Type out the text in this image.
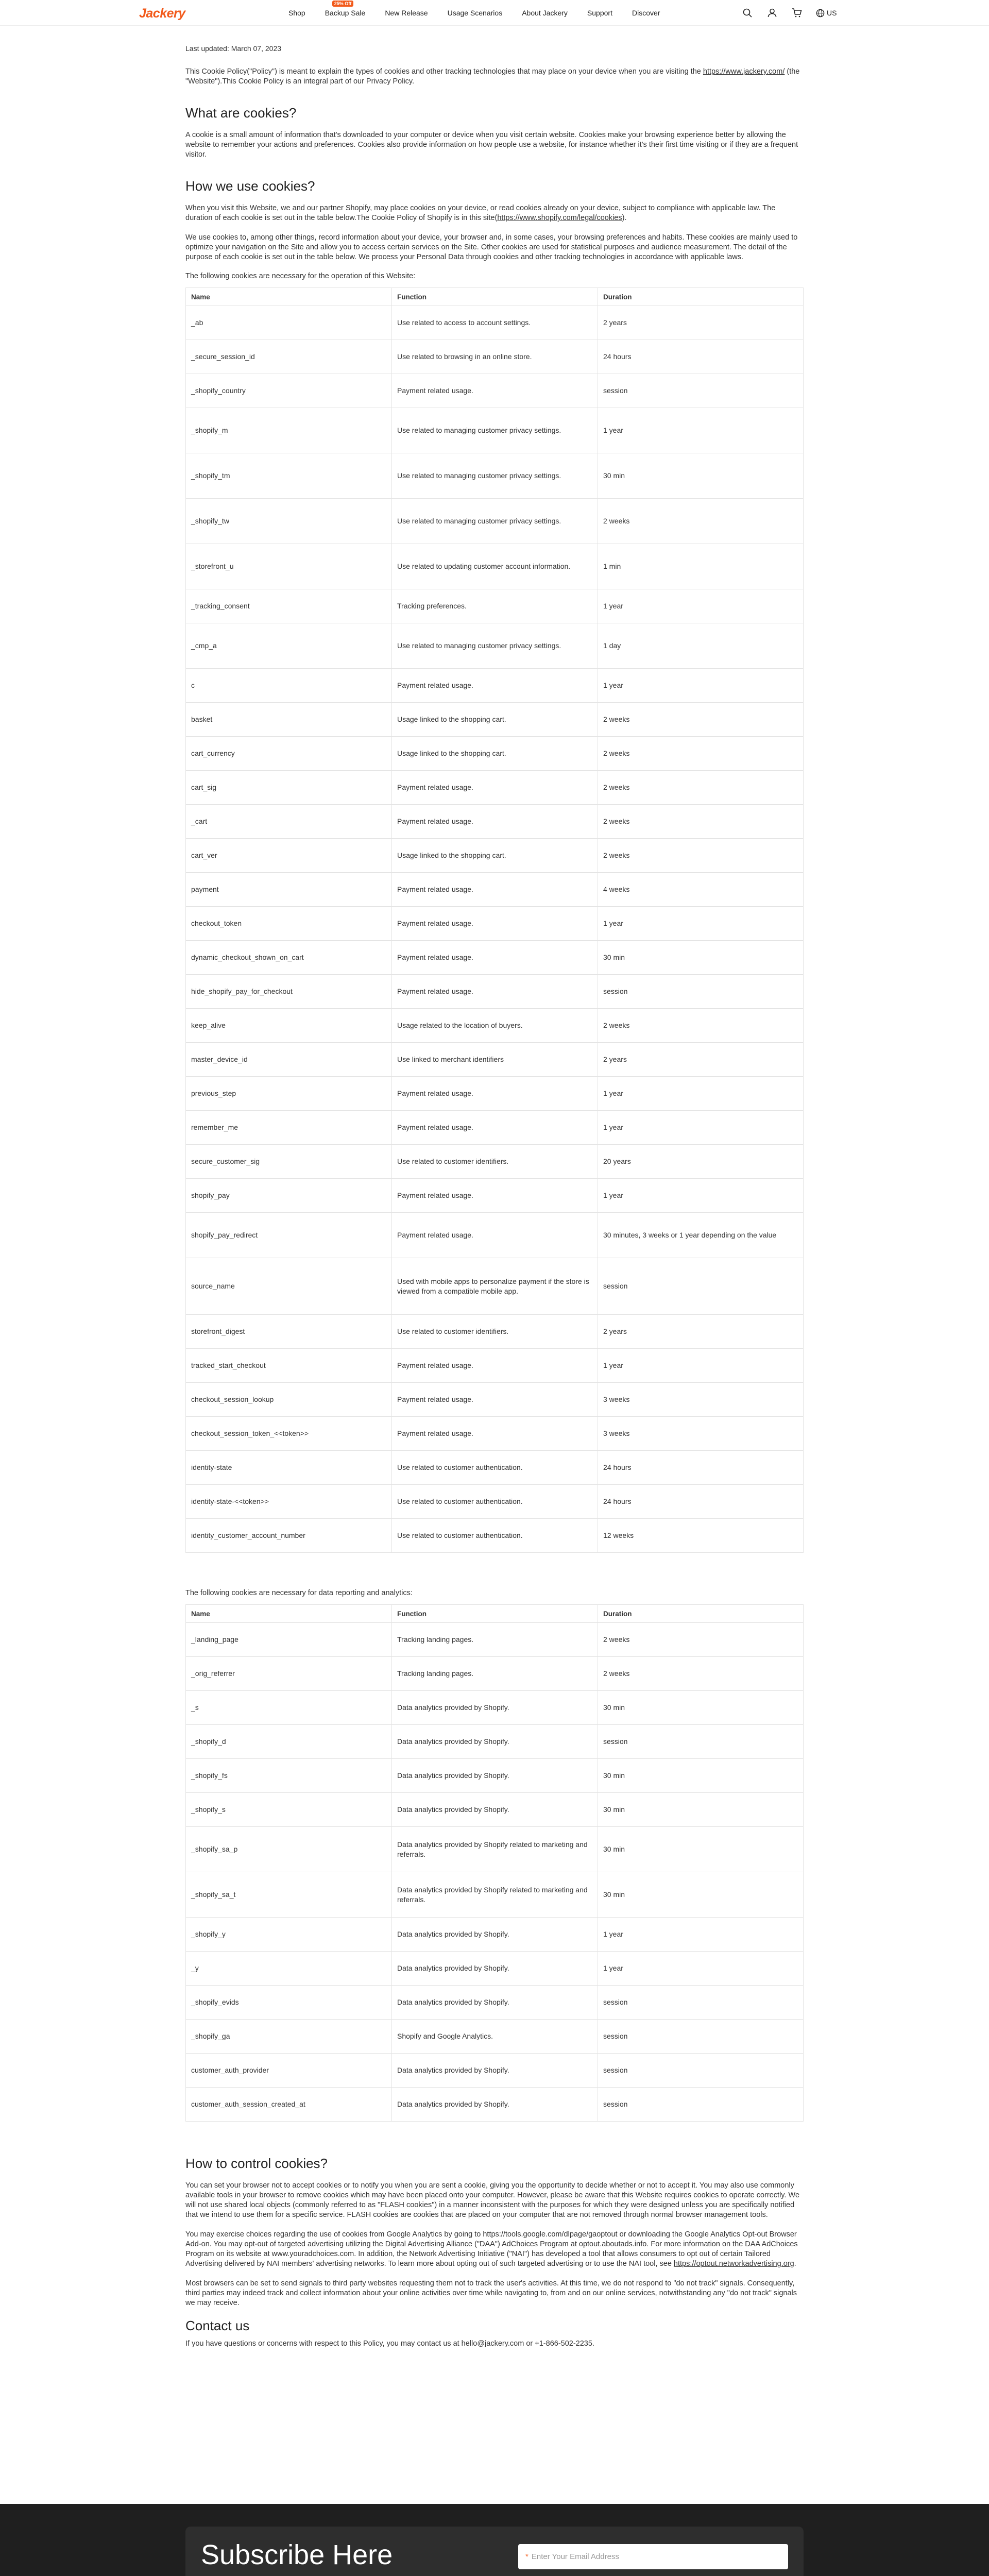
Jackery	Shop
25% Off
Backup Sale	New Release	Usage Scenarios	About Jackery	Support	Discover	US
Last updated: March 07, 2023

This Cookie Policy("Policy") is meant to explain the types of cookies and other tracking technologies that may place on your device when you are visiting the https://www.jackery.com/ (the "Website").This Cookie Policy is an integral part of our Privacy Policy.

What are cookies?

A cookie is a small amount of information that's downloaded to your computer or device when you visit certain website. Cookies make your browsing experience better by allowing the website to remember your actions and preferences. Cookies also provide information on how people use a website, for instance whether it's their first time visiting or if they are a frequent visitor.

How we use cookies?

When you visit this Website, we and our partner Shopify, may place cookies on your device, or read cookies already on your device, subject to compliance with applicable law. The duration of each cookie is set out in the table below.The Cookie Policy of Shopify is in this site(https://www.shopify.com/legal/cookies).

We use cookies to, among other things, record information about your device, your browser and, in some cases, your browsing preferences and habits. These cookies are mainly used to optimize your navigation on the Site and allow you to access certain services on the Site. Other cookies are used for statistical purposes and audience measurement. The detail of the purpose of each cookie is set out in the table below. We process your Personal Data through cookies and other tracking technologies in accordance with applicable laws.

The following cookies are necessary for the operation of this Website:
Name	Function	Duration
_ab	Use related to access to account settings.	2 years
_secure_session_id	Use related to browsing in an online store.	24 hours
_shopify_country	Payment related usage.	session
_shopify_m	Use related to managing customer privacy settings.	1 year
_shopify_tm	Use related to managing customer privacy settings.	30 min
_shopify_tw	Use related to managing customer privacy settings.	2 weeks
_storefront_u	Use related to updating customer account information.	1 min
_tracking_consent	Tracking preferences.	1 year
_cmp_a	Use related to managing customer privacy settings.	1 day
c	Payment related usage.	1 year
basket	Usage linked to the shopping cart.	2 weeks
cart_currency	Usage linked to the shopping cart.	2 weeks
cart_sig	Payment related usage.	2 weeks
_cart	Payment related usage.	2 weeks
cart_ver	Usage linked to the shopping cart.	2 weeks
payment	Payment related usage.	4 weeks
checkout_token	Payment related usage.	1 year
dynamic_checkout_shown_on_cart	Payment related usage.	30 min
hide_shopify_pay_for_checkout	Payment related usage.	session
keep_alive	Usage related to the location of buyers.	2 weeks
master_device_id	Use linked to merchant identifiers	2 years
previous_step	Payment related usage.	1 year
remember_me	Payment related usage.	1 year
secure_customer_sig	Use related to customer identifiers.	20 years
shopify_pay	Payment related usage.	1 year
shopify_pay_redirect	Payment related usage.	30 minutes, 3 weeks or 1 year depending on the value
source_name	Used with mobile apps to personalize payment if the store is viewed from a compatible mobile app.	session
storefront_digest	Use related to customer identifiers.	2 years
tracked_start_checkout	Payment related usage.	1 year
checkout_session_lookup	Payment related usage.	3 weeks
checkout_session_token_<<token>>	Payment related usage.	3 weeks
identity-state	Use related to customer authentication.	24 hours
identity-state-<<token>>	Use related to customer authentication.	24 hours
identity_customer_account_number	Use related to customer authentication.	12 weeks
The following cookies are necessary for data reporting and analytics:
Name	Function	Duration
_landing_page	Tracking landing pages.	2 weeks
_orig_referrer	Tracking landing pages.	2 weeks
_s	Data analytics provided by Shopify.	30 min
_shopify_d	Data analytics provided by Shopify.	session
_shopify_fs	Data analytics provided by Shopify.	30 min
_shopify_s	Data analytics provided by Shopify.	30 min
_shopify_sa_p	Data analytics provided by Shopify related to marketing and referrals.	30 min
_shopify_sa_t	Data analytics provided by Shopify related to marketing and referrals.	30 min
_shopify_y	Data analytics provided by Shopify.	1 year
_y	Data analytics provided by Shopify.	1 year
_shopify_evids	Data analytics provided by Shopify.	session
_shopify_ga	Shopify and Google Analytics.	session
customer_auth_provider	Data analytics provided by Shopify.	session
customer_auth_session_created_at	Data analytics provided by Shopify.	session
How to control cookies?

You can set your browser not to accept cookies or to notify you when you are sent a cookie, giving you the opportunity to decide whether or not to accept it. You may also use commonly available tools in your browser to remove cookies which may have been placed onto your computer. However, please be aware that this Website requires cookies to operate correctly. We will not use shared local objects (commonly referred to as "FLASH cookies") in a manner inconsistent with the purposes for which they were designed unless you are specifically notified that we intend to use them for a specific service. FLASH cookies are cookies that are placed on your computer that are not removed through normal browser management tools.

You may exercise choices regarding the use of cookies from Google Analytics by going to https://tools.google.com/dlpage/gaoptout or downloading the Google Analytics Opt-out Browser Add-on. You may opt-out of targeted advertising utilizing the Digital Advertising Alliance ("DAA") AdChoices Program at optout.aboutads.info. For more information on the DAA AdChoices Program on its website at www.youradchoices.com. In addition, the Network Advertising Initiative ("NAI") has developed a tool that allows consumers to opt out of certain Tailored Advertising delivered by NAI members' advertising networks. To learn more about opting out of such targeted advertising or to use the NAI tool, see https://optout.networkadvertising.org.

Most browsers can be set to send signals to third party websites requesting them not to track the user's activities. At this time, we do not respond to "do not track" signals. Consequently, third parties may indeed track and collect information about your online activities over time while navigating to, from and on our online services, notwithstanding any "do not track" signals we may receive.

Contact us

If you have questions or concerns with respect to this Policy, you may contact us at hello@jackery.com or +1-866-502-2235.

Subscribe Here	* Enter Your Email Address
